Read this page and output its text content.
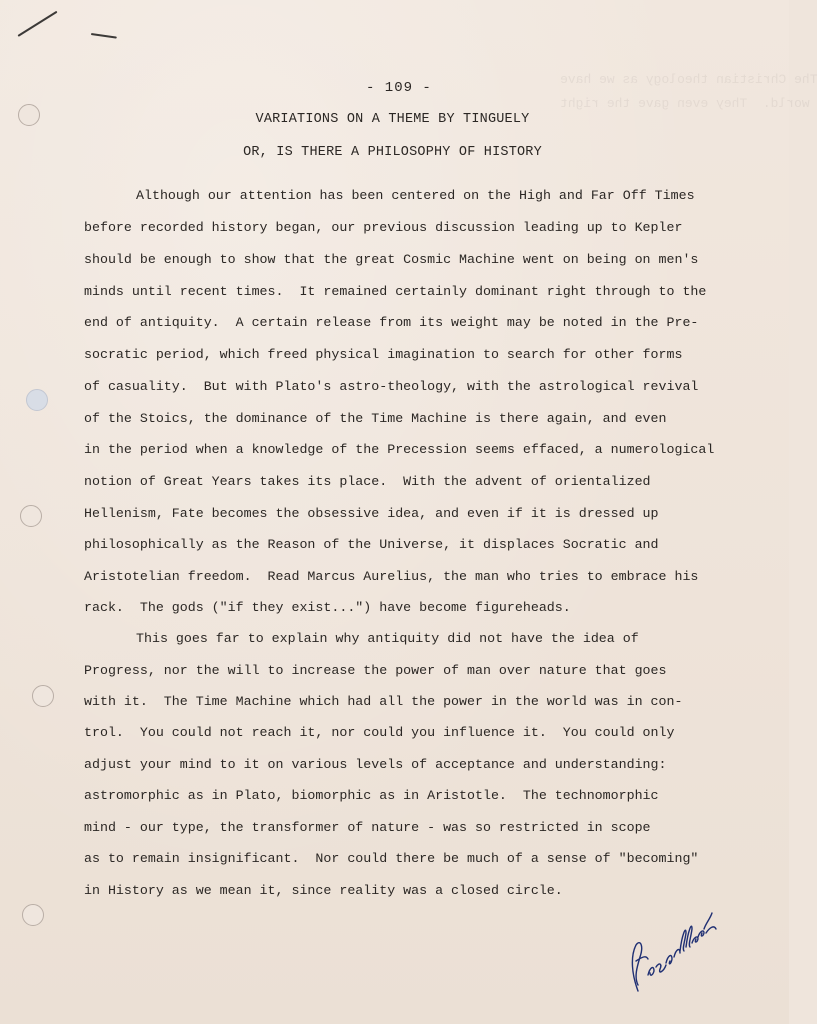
The Christian theology as we have
world.  They even gave the right
- 109 -
VARIATIONS ON A THEME BY TINGUELY
OR, IS THERE A PHILOSOPHY OF HISTORY
Although our attention has been centered on the High and Far Off Times
before recorded history began, our previous discussion leading up to Kepler
should be enough to show that the great Cosmic Machine went on being on men's
minds until recent times.  It remained certainly dominant right through to the
end of antiquity.  A certain release from its weight may be noted in the Pre-
socratic period, which freed physical imagination to search for other forms
of casuality.  But with Plato's astro-theology, with the astrological revival
of the Stoics, the dominance of the Time Machine is there again, and even
in the period when a knowledge of the Precession seems effaced, a numerological
notion of Great Years takes its place.  With the advent of orientalized
Hellenism, Fate becomes the obsessive idea, and even if it is dressed up
philosophically as the Reason of the Universe, it displaces Socratic and
Aristotelian freedom.  Read Marcus Aurelius, the man who tries to embrace his
rack.  The gods ("if they exist...") have become figureheads.
This goes far to explain why antiquity did not have the idea of
Progress, nor the will to increase the power of man over nature that goes
with it.  The Time Machine which had all the power in the world was in con-
trol.  You could not reach it, nor could you influence it.  You could only
adjust your mind to it on various levels of acceptance and understanding:
astromorphic as in Plato, biomorphic as in Aristotle.  The technomorphic
mind - our type, the transformer of nature - was so restricted in scope
as to remain insignificant.  Nor could there be much of a sense of "becoming"
in History as we mean it, since reality was a closed circle.
